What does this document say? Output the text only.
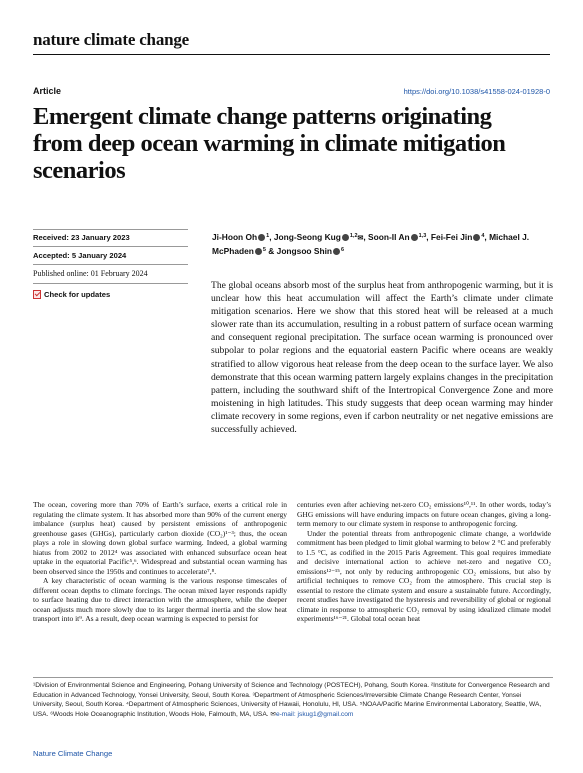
nature climate change
Article	https://doi.org/10.1038/s41558-024-01928-0
Emergent climate change patterns originating from deep ocean warming in climate mitigation scenarios
Ji-Hoon Oh $^1$, Jong-Seong Kug $^{1,2}$✉, Soon-Il An $^{1,3}$, Fei-Fei Jin $^4$, Michael J. McPhaden $^5$ & Jongsoo Shin $^6$
Received: 23 January 2023
Accepted: 5 January 2024
Published online: 01 February 2024
Check for updates
The global oceans absorb most of the surplus heat from anthropogenic warming, but it is unclear how this heat accumulation will affect the Earth’s climate under climate mitigation scenarios. Here we show that this stored heat will be released at a much slower rate than its accumulation, resulting in a robust pattern of surface ocean warming and consequent regional precipitation. The surface ocean warming is pronounced over subpolar to polar regions and the equatorial eastern Pacific where oceans are weakly stratified to allow vigorous heat release from the deep ocean to the surface layer. We also demonstrate that this ocean warming pattern largely explains changes in the precipitation pattern, including the southward shift of the Intertropical Convergence Zone and more moistening in high latitudes. This study suggests that deep ocean warming may hinder climate recovery in some regions, even if carbon neutrality or net negative emissions are successfully achieved.

The ocean, covering more than 70% of Earth’s surface, exerts a critical role in regulating the climate system. It has absorbed more than 90% of the current energy imbalance (surplus heat) caused by persistent emissions of anthropogenic greenhouse gases (GHGs), particularly carbon dioxide (CO₂)¹⁻³; thus, the ocean plays a role in slowing down global surface warming. Indeed, a global warming hiatus from 2002 to 2012⁴ was associated with enhanced subsurface ocean heat uptake in the equatorial Pacific⁵,⁶. Widespread and substantial ocean warming has been observed since the 1950s and continues to accelerate⁷,⁸.

A key characteristic of ocean warming is the various response timescales of different ocean depths to climate forcings. The ocean mixed layer responds rapidly to surface heating due to direct interaction with the atmosphere, while the deeper ocean adjusts much more slowly due to its larger thermal inertia and the slow heat transport into it⁹. As a result, deep ocean warming is expected to persist for

centuries even after achieving net-zero CO₂ emissions¹⁰,¹¹. In other words, today’s GHG emissions will have enduring impacts on future ocean changes, giving a long-term memory to our climate system in response to anthropogenic forcing.

Under the potential threats from anthropogenic climate change, a worldwide commitment has been pledged to limit global warming to below 2 °C and preferably to 1.5 °C, as codified in the 2015 Paris Agreement. This goal requires immediate and decisive international action to achieve net-zero and negative CO₂ emissions¹²⁻¹⁵, not only by reducing anthropogenic CO₂ emissions, but also by artificial techniques to remove CO₂ from the atmosphere. This crucial step is essential to restore the climate system and ensure a sustainable future. Accordingly, recent studies have investigated the hysteresis and reversibility of global or regional climate in response to atmospheric CO₂ removal by using idealized climate model experiments¹⁶⁻²¹. Global total ocean heat

¹Division of Environmental Science and Engineering, Pohang University of Science and Technology (POSTECH), Pohang, South Korea. ²Institute for Convergence Research and Education in Advanced Technology, Yonsei University, Seoul, South Korea. ³Department of Atmospheric Sciences/Irreversible Climate Change Research Center, Yonsei University, Seoul, South Korea. ⁴Department of Atmospheric Sciences, University of Hawaii, Honolulu, HI, USA. ⁵NOAA/Pacific Marine Environmental Laboratory, Seattle, WA, USA. ⁶Woods Hole Oceanographic Institution, Woods Hole, Falmouth, MA, USA. ✉e-mail: jskug1@gmail.com
Nature Climate Change
